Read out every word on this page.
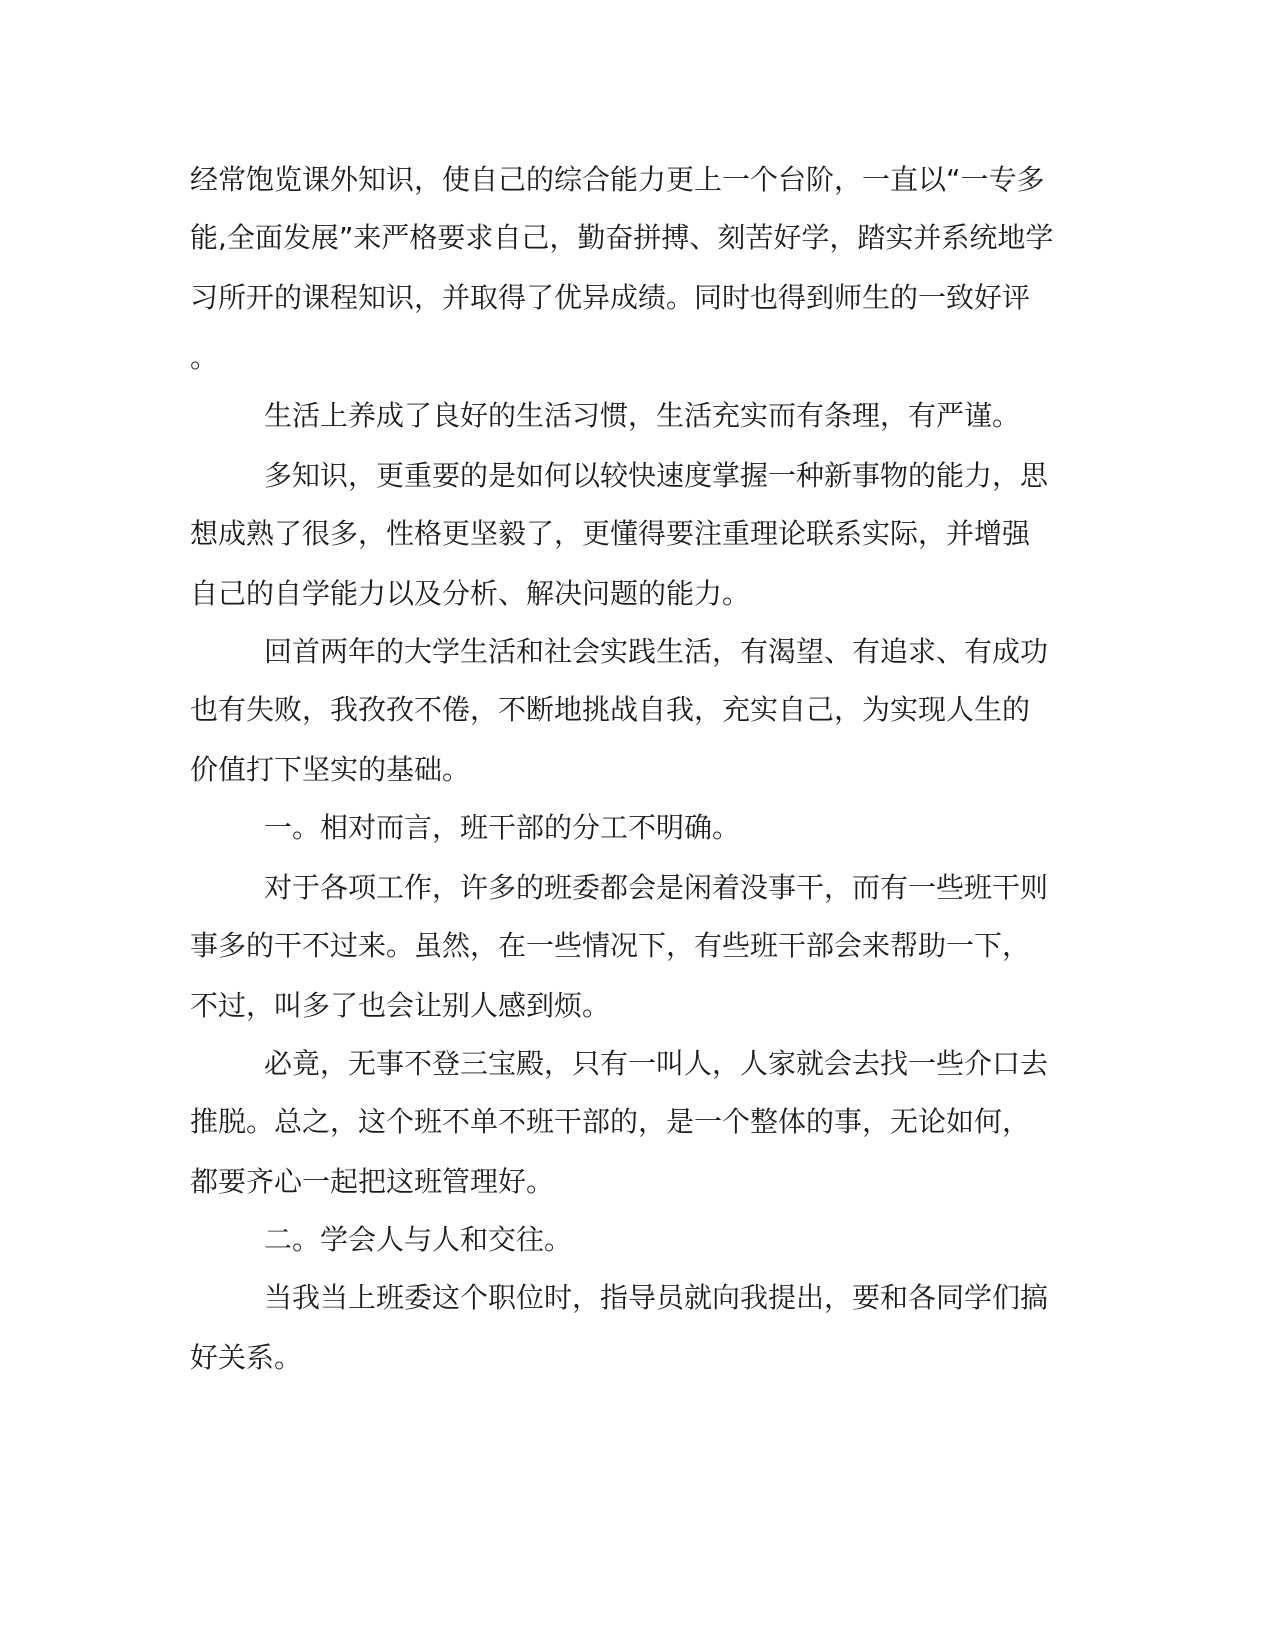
经常饱览课外知识，使自己的综合能力更上一个台阶，一直以“一专多
能,全面发展”来严格要求自己，勤奋拼搏、刻苦好学，踏实并系统地学
习所开的课程知识，并取得了优异成绩。同时也得到师生的一致好评
。
生活上养成了良好的生活习惯，生活充实而有条理，有严谨。
多知识，更重要的是如何以较快速度掌握一种新事物的能力，思
想成熟了很多，性格更坚毅了，更懂得要注重理论联系实际，并增强
自己的自学能力以及分析、解决问题的能力。
回首两年的大学生活和社会实践生活，有渴望、有追求、有成功
也有失败，我孜孜不倦，不断地挑战自我，充实自己，为实现人生的
价值打下坚实的基础。
一。相对而言，班干部的分工不明确。
对于各项工作，许多的班委都会是闲着没事干，而有一些班干则
事多的干不过来。虽然，在一些情况下，有些班干部会来帮助一下，
不过，叫多了也会让别人感到烦。
必竟，无事不登三宝殿，只有一叫人，人家就会去找一些介口去
推脱。总之，这个班不单不班干部的，是一个整体的事，无论如何，
都要齐心一起把这班管理好。
二。学会人与人和交往。
当我当上班委这个职位时，指导员就向我提出，要和各同学们搞
好关系。
